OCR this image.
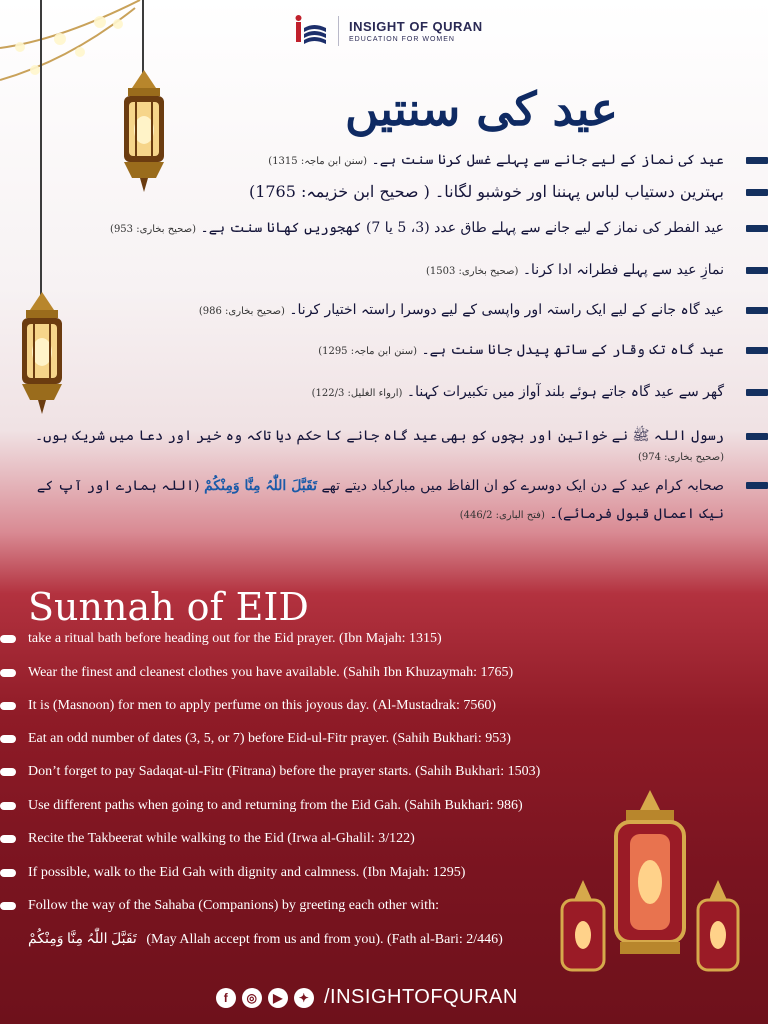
INSIGHT OF QURAN
EDUCATION FOR WOMEN
عید کی سنتیں
عید کی نماز کے لیے جانے سے پہلے غسل کرنا سنت ہے۔ (سنن ابن ماجہ: 1315)
بہترین دستیاب لباس پہننا اور خوشبو لگانا۔ ( صحیح ابن خزیمہ: 1765)
عید الفطر کی نماز کے لیے جانے سے پہلے طاق عدد (3، 5 یا 7) کھجوریں کھانا سنت ہے۔ (صحیح بخاری: 953)
نمازِ عید سے پہلے فطرانہ ادا کرنا۔ (صحیح بخاری: 1503)
عید گاہ جانے کے لیے ایک راستہ اور واپسی کے لیے دوسرا راستہ اختیار کرنا۔ (صحیح بخاری: 986)
عید گاہ تک وقار کے ساتھ پیدل جانا سنت ہے۔ (سنن ابن ماجہ: 1295)
گھر سے عید گاہ جاتے ہوئے بلند آواز میں تکبیرات کہنا۔ (ارواء الغلیل: 122/3)
رسول اللہ ﷺ نے خواتین اور بچوں کو بھی عید گاہ جانے کا حکم دیا تاکہ وہ خیر اور دعا میں شریک ہوں۔ (صحیح بخاری: 974)
صحابہ کرام عید کے دن ایک دوسرے کو ان الفاظ میں مبارکباد دیتے تھے تَقَبَّلَ اللّٰہُ مِنَّا وَمِنْکُمْ (اللہ ہمارے اور آپ کے نیک اعمال قبول فرمائے)۔ (فتح الباری: 446/2)
Sunnah of EID
take a ritual bath before heading out for the Eid prayer. (Ibn Majah: 1315)
Wear the finest and cleanest clothes you have available. (Sahih Ibn Khuzaymah: 1765)
It is (Masnoon) for men to apply perfume on this joyous day. (Al-Mustadrak: 7560)
Eat an odd number of dates (3, 5, or 7) before Eid-ul-Fitr prayer. (Sahih Bukhari: 953)
Don’t forget to pay Sadaqat-ul-Fitr (Fitrana) before the prayer starts. (Sahih Bukhari: 1503)
Use different paths when going to and returning from the Eid Gah. (Sahih Bukhari: 986)
Recite the Takbeerat while walking to the Eid (Irwa al-Ghalil: 3/122)
If possible, walk to the Eid Gah with dignity and calmness. (Ibn Majah: 1295)
Follow the way of the Sahaba (Companions) by greeting each other with:
تَقَبَّلَ اللّٰہُ مِنَّا وَمِنْکُمْ (May Allah accept from us and from you). (Fath al-Bari: 2/446)
f	◎	▶	✦ /INSIGHTOFQURAN
